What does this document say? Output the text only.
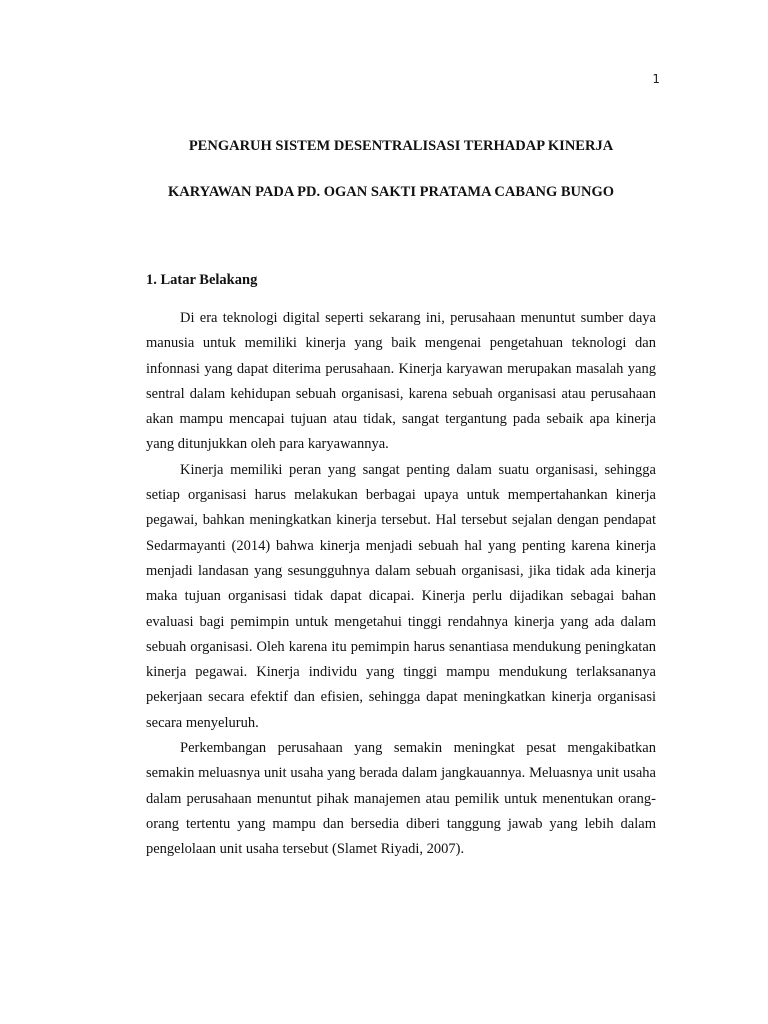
1
PENGARUH SISTEM DESENTRALISASI TERHADAP KINERJA
KARYAWAN PADA PD. OGAN SAKTI PRATAMA CABANG BUNGO
1. Latar Belakang

Di era teknologi digital seperti sekarang ini, perusahaan menuntut sumber daya manusia untuk memiliki kinerja yang baik mengenai pengetahuan teknologi dan infonnasi yang dapat diterima perusahaan. Kinerja karyawan merupakan masalah yang sentral dalam kehidupan sebuah organisasi, karena sebuah organisasi atau perusahaan akan mampu mencapai tujuan atau tidak, sangat tergantung pada sebaik apa kinerja yang ditunjukkan oleh para karyawannya.

Kinerja memiliki peran yang sangat penting dalam suatu organisasi, sehingga setiap organisasi harus melakukan berbagai upaya untuk mempertahankan kinerja pegawai, bahkan meningkatkan kinerja tersebut. Hal tersebut sejalan dengan pendapat Sedarmayanti (2014) bahwa kinerja menjadi sebuah hal yang penting karena kinerja menjadi landasan yang sesungguhnya dalam sebuah organisasi, jika tidak ada kinerja maka tujuan organisasi tidak dapat dicapai. Kinerja perlu dijadikan sebagai bahan evaluasi bagi pemimpin untuk mengetahui tinggi rendahnya kinerja yang ada dalam sebuah organisasi. Oleh karena itu pemimpin harus senantiasa mendukung peningkatan kinerja pegawai. Kinerja individu yang tinggi mampu mendukung terlaksananya pekerjaan secara efektif dan efisien, sehingga dapat meningkatkan kinerja organisasi secara menyeluruh.

Perkembangan perusahaan yang semakin meningkat pesat mengakibatkan semakin meluasnya unit usaha yang berada dalam jangkauannya. Meluasnya unit usaha dalam perusahaan menuntut pihak manajemen atau pemilik untuk menentukan orang-orang tertentu yang mampu dan bersedia diberi tanggung jawab yang lebih dalam pengelolaan unit usaha tersebut (Slamet Riyadi, 2007).
